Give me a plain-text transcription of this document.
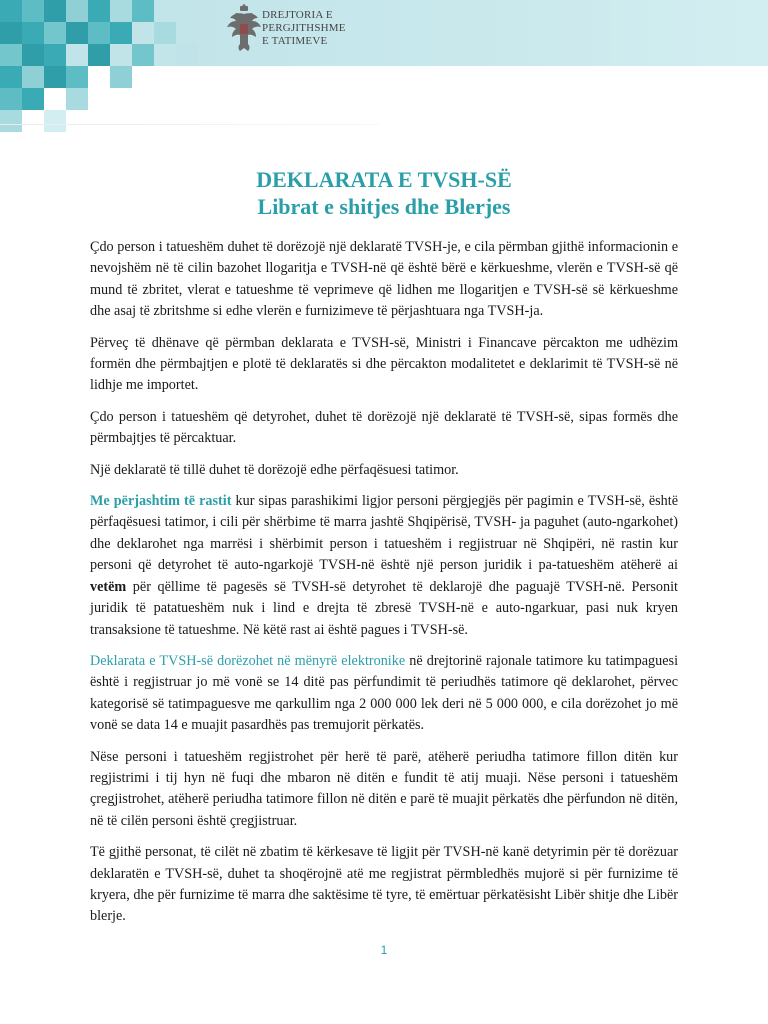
DREJTORIA E
PERGJITHSHME
E TATIMEVE
DEKLARATA E TVSH-SË
Librat e shitjes dhe Blerjes

Çdo person i tatueshëm duhet të dorëzojë një deklaratë TVSH-je, e cila përmban gjithë informacionin e nevojshëm në të cilin bazohet llogaritja e TVSH-në që është bërë e kërkueshme, vlerën e TVSH-së që mund të zbritet, vlerat e tatueshme të veprimeve që lidhen me llogaritjen e TVSH-së së kërkueshme dhe asaj të zbritshme si edhe vlerën e furnizimeve të përjashtuara nga TVSH-ja.

Përveç të dhënave që përmban deklarata e TVSH-së, Ministri i Financave përcakton me udhëzim formën dhe përmbajtjen e plotë të deklaratës si dhe përcakton modalitetet e deklarimit të TVSH-së në lidhje me importet.

Çdo person i tatueshëm që detyrohet, duhet të dorëzojë një deklaratë të TVSH-së, sipas formës dhe përmbajtjes të përcaktuar.

Një deklaratë të tillë duhet të dorëzojë edhe përfaqësuesi tatimor.

Me përjashtim të rastit kur sipas parashikimi ligjor personi përgjegjës për pagimin e TVSH-së, është përfaqësuesi tatimor, i cili për shërbime të marra jashtë Shqipërisë, TVSH- ja paguhet (auto-ngarkohet) dhe deklarohet nga marrësi i shërbimit person i tatueshëm i regjistruar në Shqipëri, në rastin kur personi që detyrohet të auto-ngarkojë TVSH-në është një person juridik i pa-tatueshëm atëherë ai vetëm për qëllime të pagesës së TVSH-së detyrohet të deklarojë dhe paguajë TVSH-në. Personit juridik të patatueshëm nuk i lind e drejta të zbresë TVSH-në e auto-ngarkuar, pasi nuk kryen transaksione të tatueshme. Në këtë rast ai është pagues i TVSH-së.

Deklarata e TVSH-së dorëzohet në mënyrë elektronike në drejtorinë rajonale tatimore ku tatimpaguesi është i regjistruar jo më vonë se 14 ditë pas përfundimit të periudhës tatimore që deklarohet, përvec kategorisë së tatimpaguesve me qarkullim nga 2 000 000 lek deri në 5 000 000, e cila dorëzohet jo më vonë se data 14 e muajit pasardhës pas tremujorit përkatës.

Nëse personi i tatueshëm regjistrohet për herë të parë, atëherë periudha tatimore fillon ditën kur regjistrimi i tij hyn në fuqi dhe mbaron në ditën e fundit të atij muaji. Nëse personi i tatueshëm çregjistrohet, atëherë periudha tatimore fillon në ditën e parë të muajit përkatës dhe përfundon në ditën, në të cilën personi është çregjistruar.

Të gjithë personat, të cilët në zbatim të kërkesave të ligjit për TVSH-në kanë detyrimin për të dorëzuar deklaratën e TVSH-së, duhet ta shoqërojnë atë me regjistrat përmbledhës mujorë si për furnizime të kryera, dhe për furnizime të marra dhe saktësime të tyre, të emërtuar përkatësisht Libër shitje dhe Libër blerje.

1
